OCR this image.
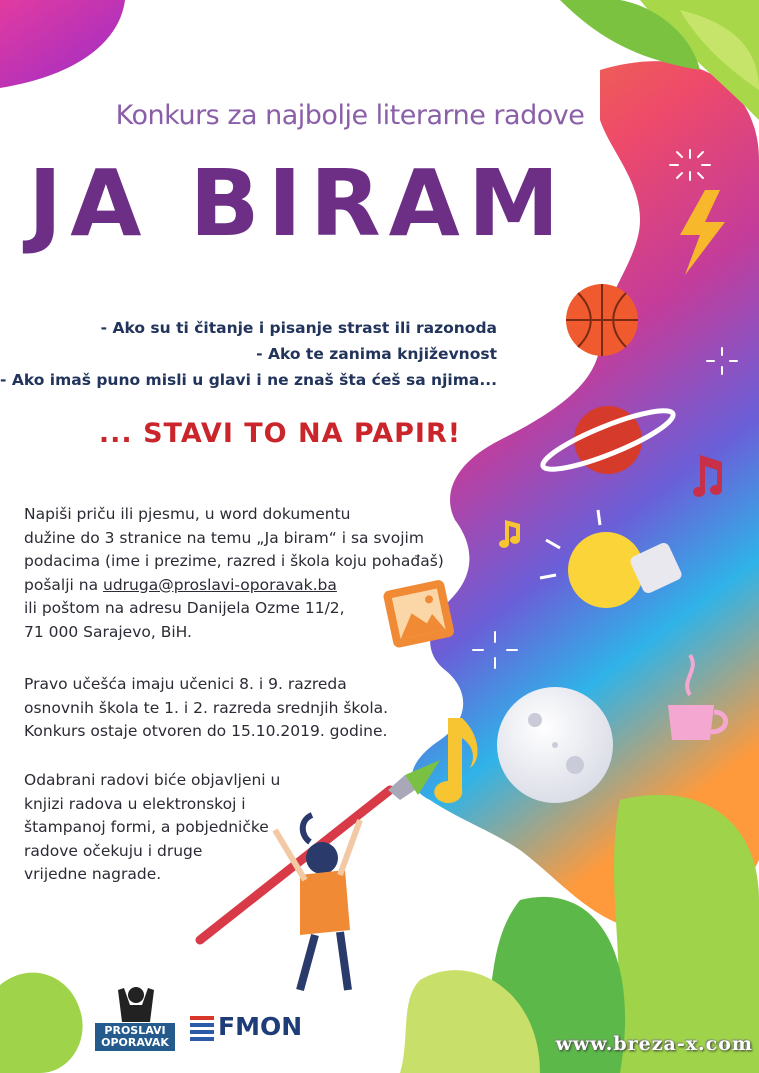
Konkurs za najbolje literarne radove
JA BIRAM
- Ako su ti čitanje i pisanje strast ili razonoda
- Ako te zanima književnost
- Ako imaš puno misli u glavi i ne znaš šta ćeš sa njima...
... STAVI TO NA PAPIR!
Napiši priču ili pjesmu, u word dokumentu
dužine do 3 stranice na temu „Ja biram“ i sa svojim
podacima (ime i prezime, razred i škola koju pohađaš)
pošalji na udruga@proslavi-oporavak.ba
ili poštom na adresu Danijela Ozme 11/2,
71 000 Sarajevo, BiH.
Pravo učešća imaju učenici 8. i 9. razreda
osnovnih škola te 1. i 2. razreda srednjih škola.
Konkurs ostaje otvoren do 15.10.2019. godine.
Odabrani radovi biće objavljeni u
knjizi radova u elektronskoj i
štampanoj formi, a pobjedničke
radove očekuju i druge
vrijedne nagrade.
PROSLAVI
OPORAVAK
FMON
www.breza-x.com
